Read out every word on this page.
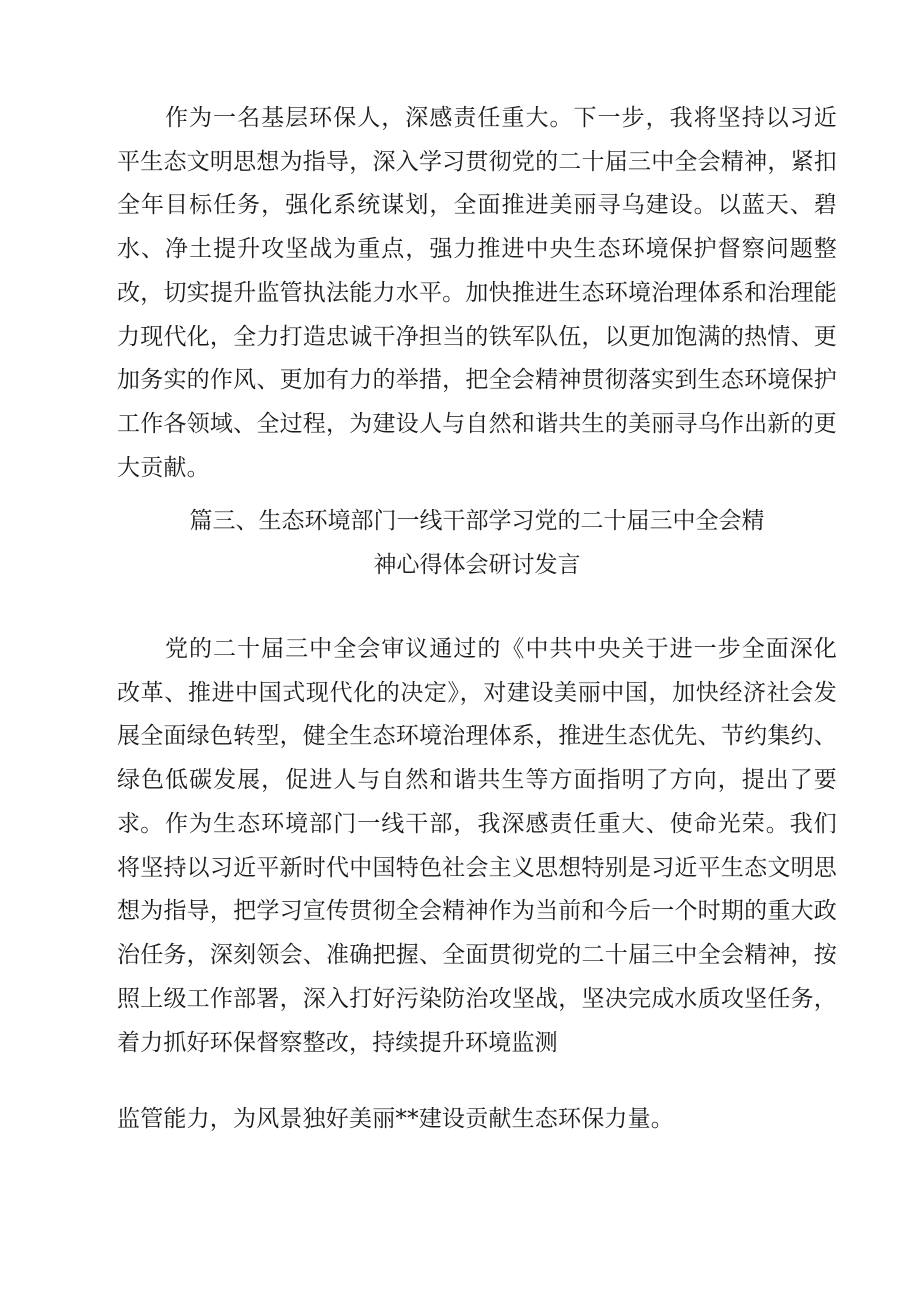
作为一名基层环保人，深感责任重大。下一步，我将坚持以习近平生态文明思想为指导，深入学习贯彻党的二十届三中全会精神，紧扣全年目标任务，强化系统谋划，全面推进美丽寻乌建设。以蓝天、碧水、净土提升攻坚战为重点，强力推进中央生态环境保护督察问题整改，切实提升监管执法能力水平。加快推进生态环境治理体系和治理能力现代化，全力打造忠诚干净担当的铁军队伍，以更加饱满的热情、更加务实的作风、更加有力的举措，把全会精神贯彻落实到生态环境保护工作各领域、全过程，为建设人与自然和谐共生的美丽寻乌作出新的更大贡献。

篇三、生态环境部门一线干部学习党的二十届三中全会精
神心得体会研讨发言

党的二十届三中全会审议通过的《中共中央关于进一步全面深化改革、推进中国式现代化的决定》，对建设美丽中国，加快经济社会发展全面绿色转型，健全生态环境治理体系，推进生态优先、节约集约、绿色低碳发展，促进人与自然和谐共生等方面指明了方向，提出了要求。 作为生态环境部门一线干部，我深感责任重大、使命光荣。我们将坚持以习近平新时代中国特色社会主义思想特别是习近平生态文明思想为指导，把学习宣传贯彻全会精神作为当前和今后一个时期的重大政治任务，深刻领会、准确把握、全面贯彻党的二十届三中全会精神，按照上级工作部署，深入打好污染防治攻坚战，坚决完成水质攻坚任务，着力抓好环保督察整改，持续提升环境监测

监管能力，为风景独好美丽**建设贡献生态环保力量。
